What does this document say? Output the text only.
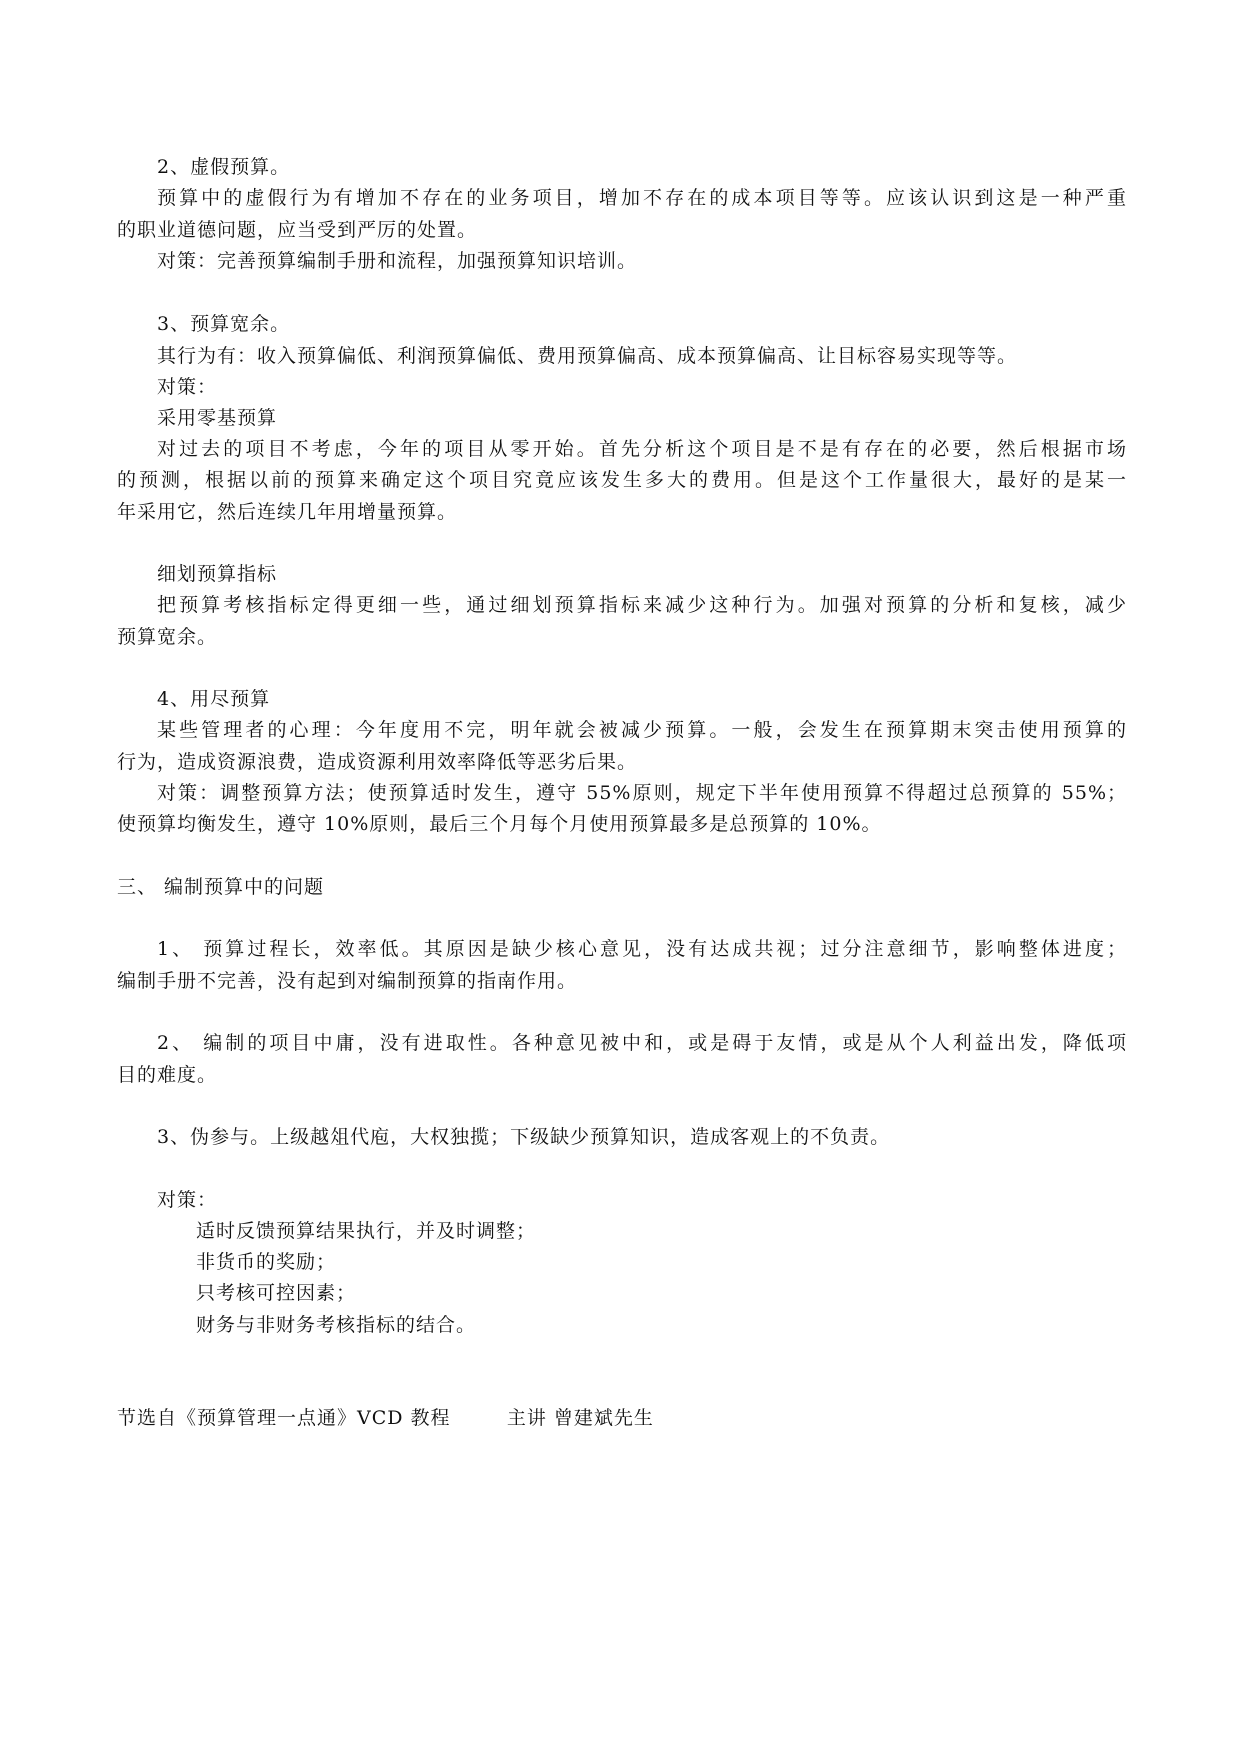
2、虚假预算。
预算中的虚假行为有增加不存在的业务项目，增加不存在的成本项目等等。应该认识到这是一种严重
的职业道德问题，应当受到严厉的处置。
对策：完善预算编制手册和流程，加强预算知识培训。
3、预算宽余。
其行为有：收入预算偏低、利润预算偏低、费用预算偏高、成本预算偏高、让目标容易实现等等。
对策：
采用零基预算
对过去的项目不考虑，今年的项目从零开始。首先分析这个项目是不是有存在的必要，然后根据市场
的预测，根据以前的预算来确定这个项目究竟应该发生多大的费用。但是这个工作量很大，最好的是某一
年采用它，然后连续几年用增量预算。
细划预算指标
把预算考核指标定得更细一些，通过细划预算指标来减少这种行为。加强对预算的分析和复核，减少
预算宽余。
4、用尽预算
某些管理者的心理：今年度用不完，明年就会被减少预算。一般，会发生在预算期末突击使用预算的
行为，造成资源浪费，造成资源利用效率降低等恶劣后果。
对策：调整预算方法；使预算适时发生，遵守 55%原则，规定下半年使用预算不得超过总预算的 55%；
使预算均衡发生，遵守 10%原则，最后三个月每个月使用预算最多是总预算的 10%。
三、 编制预算中的问题
1、 预算过程长，效率低。其原因是缺少核心意见，没有达成共视；过分注意细节，影响整体进度；
编制手册不完善，没有起到对编制预算的指南作用。
2、 编制的项目中庸，没有进取性。各种意见被中和，或是碍于友情，或是从个人利益出发，降低项
目的难度。
3、伪参与。上级越俎代庖，大权独揽；下级缺少预算知识，造成客观上的不负责。
对策：
适时反馈预算结果执行，并及时调整；
非货币的奖励；
只考核可控因素；
财务与非财务考核指标的结合。
节选自《预算管理一点通》VCD 教程        主讲 曾建斌先生
